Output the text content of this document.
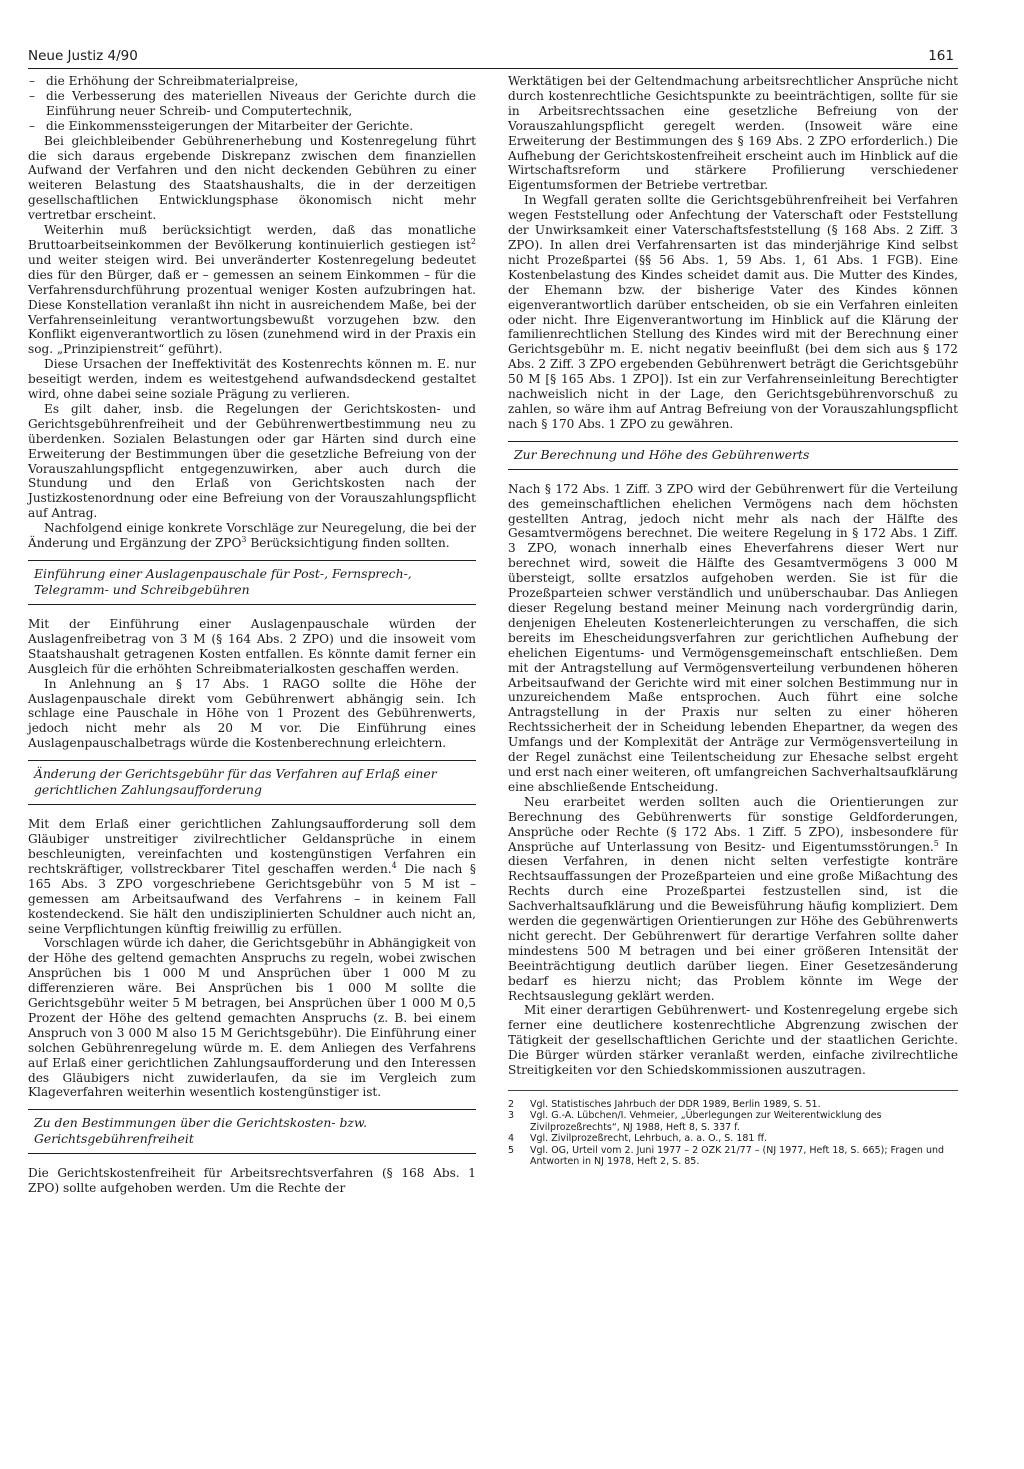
Neue Justiz 4/90	161
– die Erhöhung der Schreibmaterialpreise,
– die Verbesserung des materiellen Niveaus der Gerichte durch die Einführung neuer Schreib- und Computertechnik,
– die Einkommenssteigerungen der Mitarbeiter der Gerichte.

Bei gleichbleibender Gebührenerhebung und Kostenregelung führt die sich daraus ergebende Diskrepanz zwischen dem finanziellen Aufwand der Verfahren und den nicht deckenden Gebühren zu einer weiteren Belastung des Staatshaushalts, die in der derzeitigen gesellschaftlichen Entwicklungsphase ökonomisch nicht mehr vertretbar erscheint.

Weiterhin muß berücksichtigt werden, daß das monatliche Bruttoarbeitseinkommen der Bevölkerung kontinuierlich gestiegen ist$^2$ und weiter steigen wird. Bei unveränderter Kostenregelung bedeutet dies für den Bürger, daß er – gemessen an seinem Einkommen – für die Verfahrensdurchführung prozentual weniger Kosten aufzubringen hat. Diese Konstellation veranlaßt ihn nicht in ausreichendem Maße, bei der Verfahrenseinleitung verantwortungsbewußt vorzugehen bzw. den Konflikt eigenverantwortlich zu lösen (zunehmend wird in der Praxis ein sog. „Prinzipienstreit“ geführt).

Diese Ursachen der Ineffektivität des Kostenrechts können m. E. nur beseitigt werden, indem es weitestgehend aufwandsdeckend gestaltet wird, ohne dabei seine soziale Prägung zu verlieren.

Es gilt daher, insb. die Regelungen der Gerichtskosten- und Gerichtsgebührenfreiheit und der Gebührenwertbestimmung neu zu überdenken. Sozialen Belastungen oder gar Härten sind durch eine Erweiterung der Bestimmungen über die gesetzliche Befreiung von der Vorauszahlungspflicht entgegenzuwirken, aber auch durch die Stundung und den Erlaß von Gerichtskosten nach der Justizkostenordnung oder eine Befreiung von der Vorauszahlungspflicht auf Antrag.

Nachfolgend einige konkrete Vorschläge zur Neuregelung, die bei der Änderung und Ergänzung der ZPO$^3$ Berücksichtigung finden sollten.

Einführung einer Auslagenpauschale für Post-, Fernsprech-, Telegramm- und Schreibgebühren

Mit der Einführung einer Auslagenpauschale würden der Auslagenfreibetrag von 3 M (§ 164 Abs. 2 ZPO) und die insoweit vom Staatshaushalt getragenen Kosten entfallen. Es könnte damit ferner ein Ausgleich für die erhöhten Schreibmaterialkosten geschaffen werden.

In Anlehnung an § 17 Abs. 1 RAGO sollte die Höhe der Auslagenpauschale direkt vom Gebührenwert abhängig sein. Ich schlage eine Pauschale in Höhe von 1 Prozent des Gebührenwerts, jedoch nicht mehr als 20 M vor. Die Einführung eines Auslagenpauschalbetrags würde die Kostenberechnung erleichtern.

Änderung der Gerichtsgebühr für das Verfahren auf Erlaß einer gerichtlichen Zahlungsaufforderung

Mit dem Erlaß einer gerichtlichen Zahlungsaufforderung soll dem Gläubiger unstreitiger zivilrechtlicher Geldansprüche in einem beschleunigten, vereinfachten und kostengünstigen Verfahren ein rechtskräftiger, vollstreckbarer Titel geschaffen werden.$^4$ Die nach § 165 Abs. 3 ZPO vorgeschriebene Gerichtsgebühr von 5 M ist – gemessen am Arbeitsaufwand des Verfahrens – in keinem Fall kostendeckend. Sie hält den undisziplinierten Schuldner auch nicht an, seine Verpflichtungen künftig freiwillig zu erfüllen.

Vorschlagen würde ich daher, die Gerichtsgebühr in Abhängigkeit von der Höhe des geltend gemachten Anspruchs zu regeln, wobei zwischen Ansprüchen bis 1 000 M und Ansprüchen über 1 000 M zu differenzieren wäre. Bei Ansprüchen bis 1 000 M sollte die Gerichtsgebühr weiter 5 M betragen, bei Ansprüchen über 1 000 M 0,5 Prozent der Höhe des geltend gemachten Anspruchs (z. B. bei einem Anspruch von 3 000 M also 15 M Gerichtsgebühr). Die Einführung einer solchen Gebührenregelung würde m. E. dem Anliegen des Verfahrens auf Erlaß einer gerichtlichen Zahlungsaufforderung und den Interessen des Gläubigers nicht zuwiderlaufen, da sie im Vergleich zum Klageverfahren weiterhin wesentlich kostengünstiger ist.

Zu den Bestimmungen über die Gerichtskosten- bzw. Gerichtsgebührenfreiheit

Die Gerichtskostenfreiheit für Arbeitsrechtsverfahren (§ 168 Abs. 1 ZPO) sollte aufgehoben werden. Um die Rechte der

Werktätigen bei der Geltendmachung arbeitsrechtlicher Ansprüche nicht durch kostenrechtliche Gesichtspunkte zu beeinträchtigen, sollte für sie in Arbeitsrechtssachen eine gesetzliche Befreiung von der Vorauszahlungspflicht geregelt werden. (Insoweit wäre eine Erweiterung der Bestimmungen des § 169 Abs. 2 ZPO erforderlich.) Die Aufhebung der Gerichtskostenfreiheit erscheint auch im Hinblick auf die Wirtschaftsreform und stärkere Profilierung verschiedener Eigentumsformen der Betriebe vertretbar.

In Wegfall geraten sollte die Gerichtsgebührenfreiheit bei Verfahren wegen Feststellung oder Anfechtung der Vaterschaft oder Feststellung der Unwirksamkeit einer Vaterschaftsfeststellung (§ 168 Abs. 2 Ziff. 3 ZPO). In allen drei Verfahrensarten ist das minderjährige Kind selbst nicht Prozeßpartei (§§ 56 Abs. 1, 59 Abs. 1, 61 Abs. 1 FGB). Eine Kostenbelastung des Kindes scheidet damit aus. Die Mutter des Kindes, der Ehemann bzw. der bisherige Vater des Kindes können eigenverantwortlich darüber entscheiden, ob sie ein Verfahren einleiten oder nicht. Ihre Eigenverantwortung im Hinblick auf die Klärung der familienrechtlichen Stellung des Kindes wird mit der Berechnung einer Gerichtsgebühr m. E. nicht negativ beeinflußt (bei dem sich aus § 172 Abs. 2 Ziff. 3 ZPO ergebenden Gebührenwert beträgt die Gerichtsgebühr 50 M [§ 165 Abs. 1 ZPO]). Ist ein zur Verfahrenseinleitung Berechtigter nachweislich nicht in der Lage, den Gerichtsgebührenvorschuß zu zahlen, so wäre ihm auf Antrag Befreiung von der Vorauszahlungspflicht nach § 170 Abs. 1 ZPO zu gewähren.

Zur Berechnung und Höhe des Gebührenwerts

Nach § 172 Abs. 1 Ziff. 3 ZPO wird der Gebührenwert für die Verteilung des gemeinschaftlichen ehelichen Vermögens nach dem höchsten gestellten Antrag, jedoch nicht mehr als nach der Hälfte des Gesamtvermögens berechnet. Die weitere Regelung in § 172 Abs. 1 Ziff. 3 ZPO, wonach innerhalb eines Eheverfahrens dieser Wert nur berechnet wird, soweit die Hälfte des Gesamtvermögens 3 000 M übersteigt, sollte ersatzlos aufgehoben werden. Sie ist für die Prozeßparteien schwer verständlich und unüberschaubar. Das Anliegen dieser Regelung bestand meiner Meinung nach vordergründig darin, denjenigen Eheleuten Kostenerleichterungen zu verschaffen, die sich bereits im Ehescheidungsverfahren zur gerichtlichen Aufhebung der ehelichen Eigentums- und Vermögensgemeinschaft entschließen. Dem mit der Antragstellung auf Vermögensverteilung verbundenen höheren Arbeitsaufwand der Gerichte wird mit einer solchen Bestimmung nur in unzureichendem Maße entsprochen. Auch führt eine solche Antragstellung in der Praxis nur selten zu einer höheren Rechtssicherheit der in Scheidung lebenden Ehepartner, da wegen des Umfangs und der Komplexität der Anträge zur Vermögensverteilung in der Regel zunächst eine Teilentscheidung zur Ehesache selbst ergeht und erst nach einer weiteren, oft umfangreichen Sachverhaltsaufklärung eine abschließende Entscheidung.

Neu erarbeitet werden sollten auch die Orientierungen zur Berechnung des Gebührenwerts für sonstige Geldforderungen, Ansprüche oder Rechte (§ 172 Abs. 1 Ziff. 5 ZPO), insbesondere für Ansprüche auf Unterlassung von Besitz- und Eigentumsstörungen.$^5$ In diesen Verfahren, in denen nicht selten verfestigte konträre Rechtsauffassungen der Prozeßparteien und eine große Mißachtung des Rechts durch eine Prozeßpartei festzustellen sind, ist die Sachverhaltsaufklärung und die Beweisführung häufig kompliziert. Dem werden die gegenwärtigen Orientierungen zur Höhe des Gebührenwerts nicht gerecht. Der Gebührenwert für derartige Verfahren sollte daher mindestens 500 M betragen und bei einer größeren Intensität der Beeinträchtigung deutlich darüber liegen. Einer Gesetzesänderung bedarf es hierzu nicht; das Problem könnte im Wege der Rechtsauslegung geklärt werden.

Mit einer derartigen Gebührenwert- und Kostenregelung ergebe sich ferner eine deutlichere kostenrechtliche Abgrenzung zwischen der Tätigkeit der gesellschaftlichen Gerichte und der staatlichen Gerichte. Die Bürger würden stärker veranlaßt werden, einfache zivilrechtliche Streitigkeiten vor den Schiedskommissionen auszutragen.

2 Vgl. Statistisches Jahrbuch der DDR 1989, Berlin 1989, S. 51.
3 Vgl. G.-A. Lübchen/I. Vehmeier, „Überlegungen zur Weiterentwicklung des Zivilprozeßrechts“, NJ 1988, Heft 8, S. 337 f.
4 Vgl. Zivilprozeßrecht, Lehrbuch, a. a. O., S. 181 ff.
5 Vgl. OG, Urteil vom 2. Juni 1977 – 2 OZK 21/77 – (NJ 1977, Heft 18, S. 665); Fragen und Antworten in NJ 1978, Heft 2, S. 85.
